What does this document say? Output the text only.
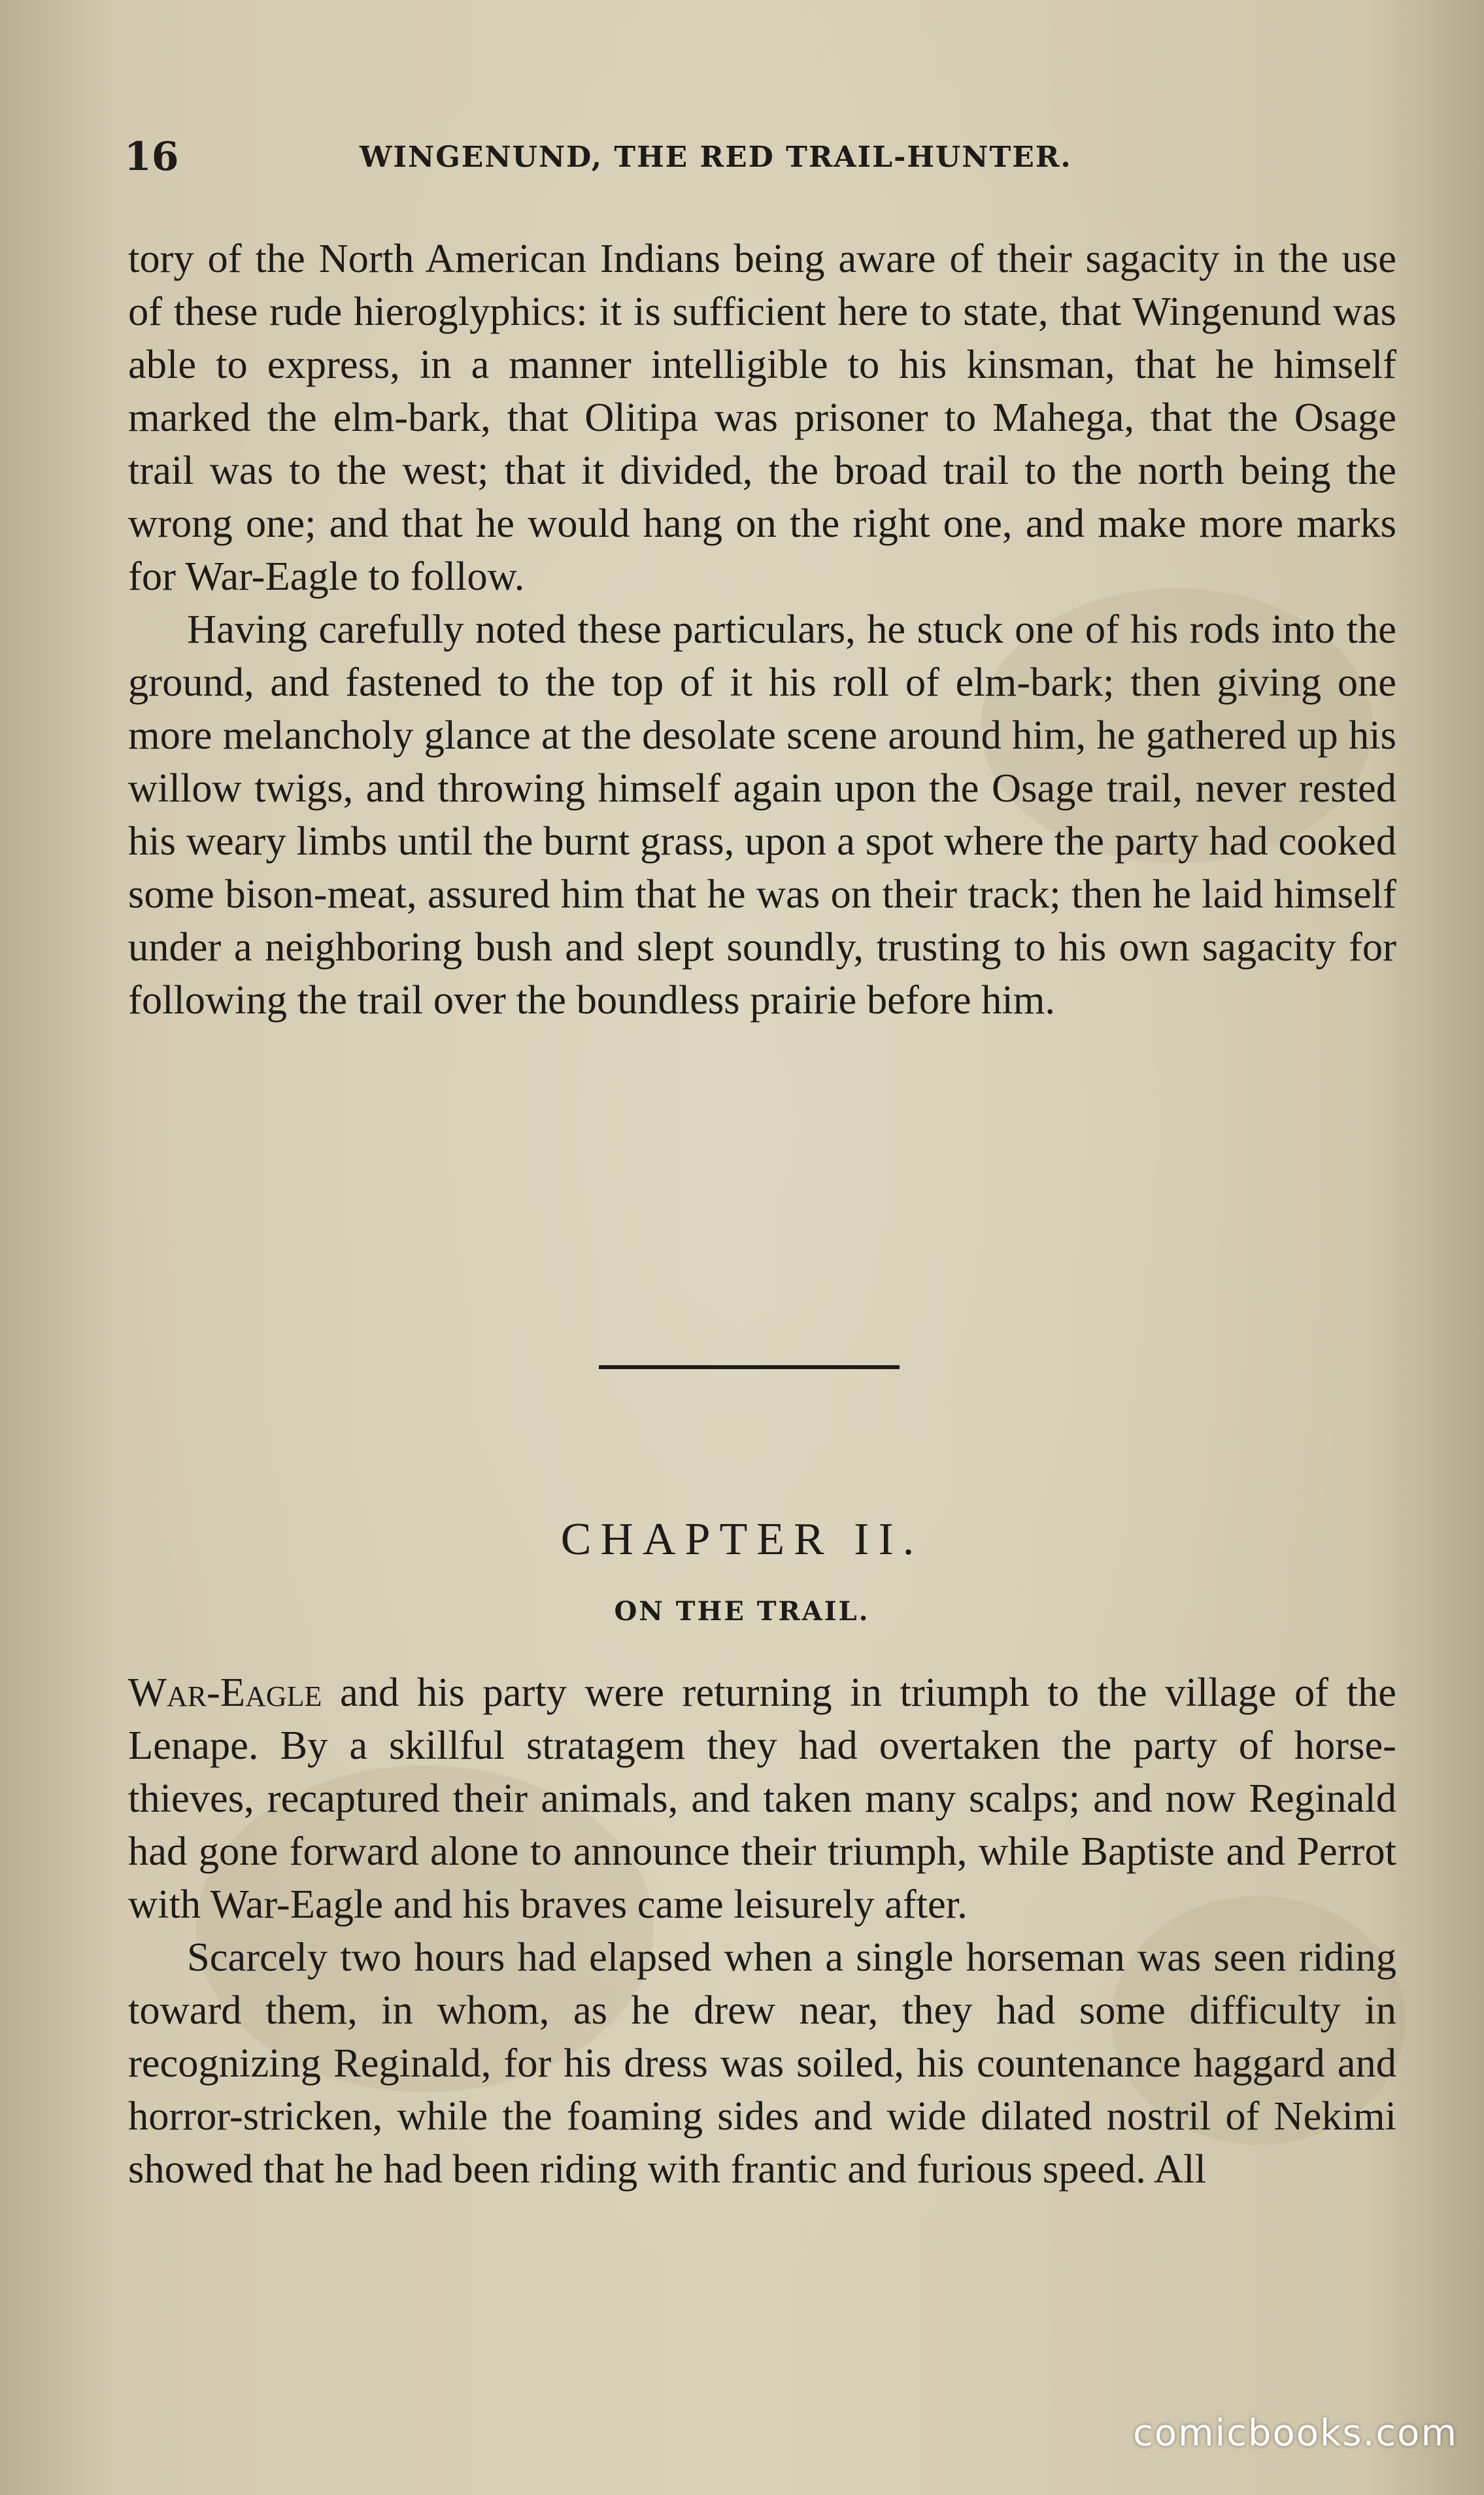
16	WINGENUND, THE RED TRAIL-HUNTER.

tory of the North American Indians being aware of their sagacity in the use of these rude hieroglyphics: it is sufficient here to state, that Wingenund was able to express, in a manner intelligible to his kinsman, that he himself marked the elm-bark, that Olitipa was prisoner to Mahega, that the Osage trail was to the west; that it divided, the broad trail to the north being the wrong one; and that he would hang on the right one, and make more marks for War-Eagle to follow.

Having carefully noted these particulars, he stuck one of his rods into the ground, and fastened to the top of it his roll of elm-bark; then giving one more melancholy glance at the desolate scene around him, he gathered up his willow twigs, and throwing himself again upon the Osage trail, never rested his weary limbs until the burnt grass, upon a spot where the party had cooked some bison-meat, assured him that he was on their track; then he laid himself under a neighboring bush and slept soundly, trusting to his own sagacity for following the trail over the boundless prairie before him.

CHAPTER II.
ON THE TRAIL.

War-Eagle and his party were returning in triumph to the village of the Lenape. By a skillful stratagem they had overtaken the party of horse-thieves, recaptured their animals, and taken many scalps; and now Reginald had gone forward alone to announce their triumph, while Baptiste and Perrot with War-Eagle and his braves came leisurely after.

Scarcely two hours had elapsed when a single horseman was seen riding toward them, in whom, as he drew near, they had some difficulty in recognizing Reginald, for his dress was soiled, his countenance haggard and horror-stricken, while the foaming sides and wide dilated nostril of Nekimi showed that he had been riding with frantic and furious speed. All

comicbooks.com
